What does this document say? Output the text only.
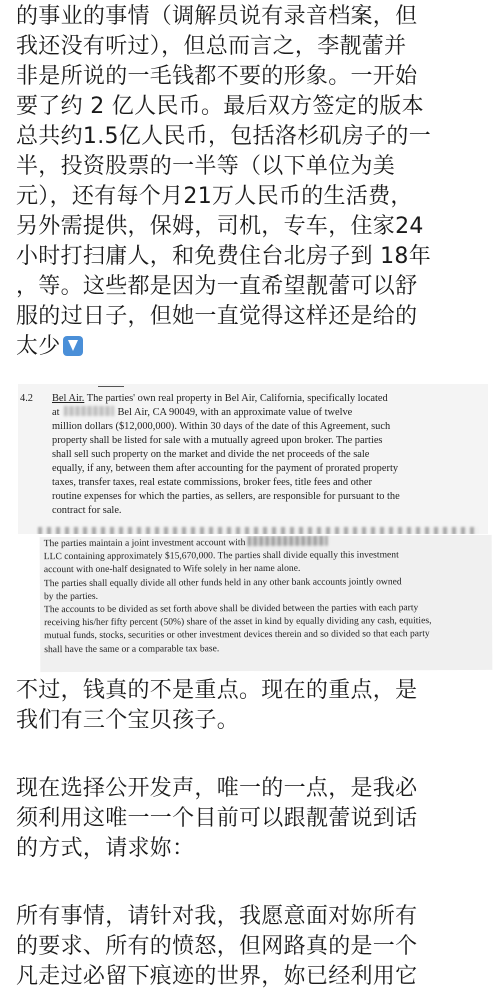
的事业的事情（调解员说有录音档案，但
我还没有听过），但总而言之，李靓蕾并
非是所说的一毛钱都不要的形象。一开始
要了约 2 亿人民币。最后双方签定的版本
总共约1.5亿人民币，包括洛杉矶房子的一
半，投资股票的一半等（以下单位为美
元），还有每个月21万人民币的生活费，
另外需提供，保姆，司机，专车，住家24
小时打扫庸人，和免费住台北房子到 18年
，等。这些都是因为一直希望靓蕾可以舒
服的过日子，但她一直觉得这样还是给的
太少
4.2 Bel Air. The parties' own real property in Bel Air, California, specifically located
at	Bel Air, CA 90049, with an approximate value of twelve
million dollars ($12,000,000). Within 30 days of the date of this Agreement, such
property shall be listed for sale with a mutually agreed upon broker. The parties
shall sell such property on the market and divide the net proceeds of the sale
equally, if any, between them after accounting for the payment of prorated property
taxes, transfer taxes, real estate commissions, broker fees, title fees and other
routine expenses for which the parties, as sellers, are responsible for pursuant to the
contract for sale.
The parties maintain a joint investment account with
LLC containing approximately $15,670,000. The parties shall divide equally this investment
account with one-half designated to Wife solely in her name alone.
The parties shall equally divide all other funds held in any other bank accounts jointly owned
by the parties.
The accounts to be divided as set forth above shall be divided between the parties with each party
receiving his/her fifty percent (50%) share of the asset in kind by equally dividing any cash, equities,
mutual funds, stocks, securities or other investment devices therein and so divided so that each party
shall have the same or a comparable tax base.
不过，钱真的不是重点。现在的重点，是
我们有三个宝贝孩子。
现在选择公开发声，唯一的一点，是我必
须利用这唯一一个目前可以跟靓蕾说到话
的方式，请求妳：
所有事情，请针对我，我愿意面对妳所有
的要求、所有的愤怒，但网路真的是一个
凡走过必留下痕迹的世界，妳已经利用它
